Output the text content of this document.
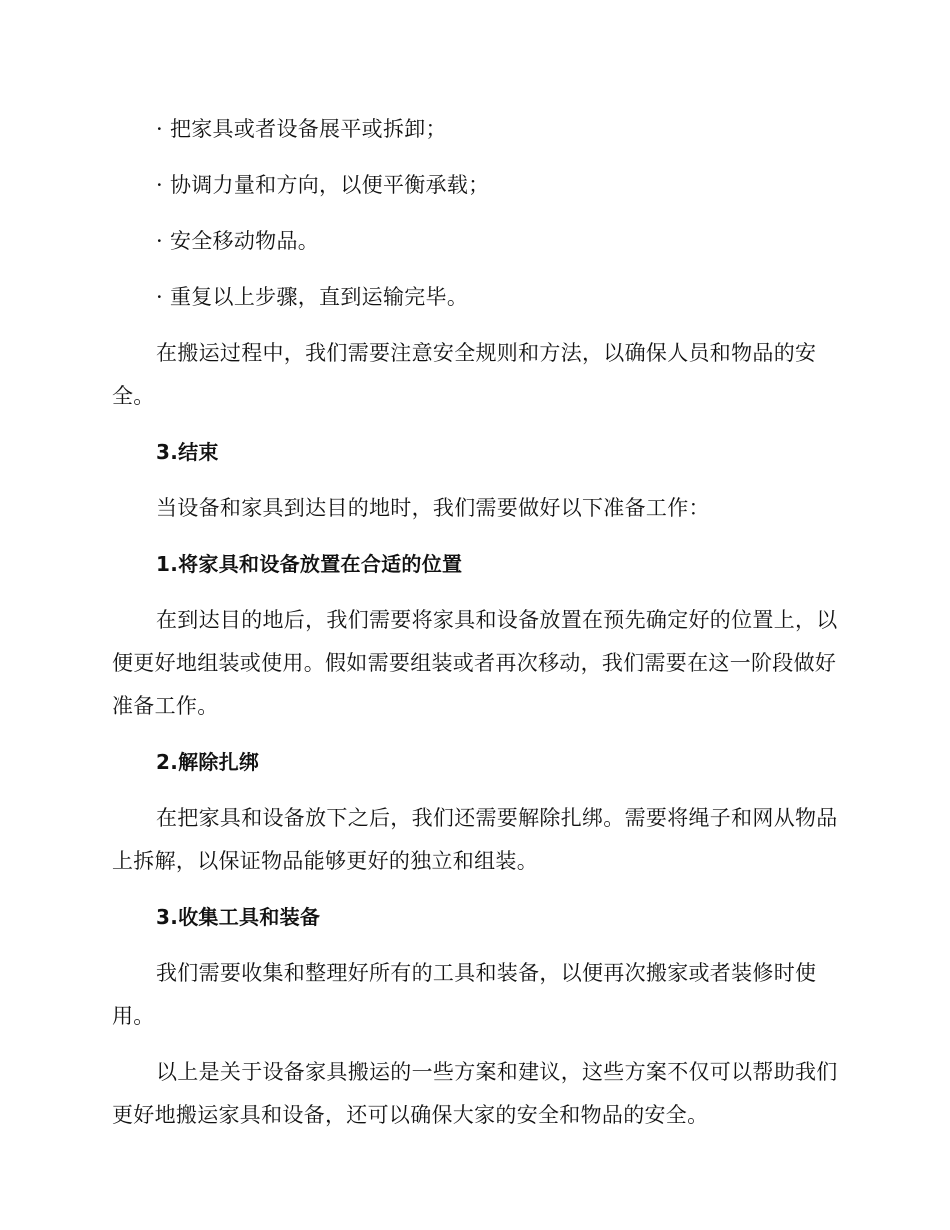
· 把家具或者设备展平或拆卸；

· 协调力量和方向，以便平衡承载；

· 安全移动物品。

· 重复以上步骤，直到运输完毕。

在搬运过程中，我们需要注意安全规则和方法，以确保人员和物品的安全。

3.结束

当设备和家具到达目的地时，我们需要做好以下准备工作：

1.将家具和设备放置在合适的位置

在到达目的地后，我们需要将家具和设备放置在预先确定好的位置上，以便更好地组装或使用。假如需要组装或者再次移动，我们需要在这一阶段做好准备工作。

2.解除扎绑

在把家具和设备放下之后，我们还需要解除扎绑。需要将绳子和网从物品上拆解，以保证物品能够更好的独立和组装。

3.收集工具和装备

我们需要收集和整理好所有的工具和装备，以便再次搬家或者装修时使用。

以上是关于设备家具搬运的一些方案和建议，这些方案不仅可以帮助我们更好地搬运家具和设备，还可以确保大家的安全和物品的安全。
